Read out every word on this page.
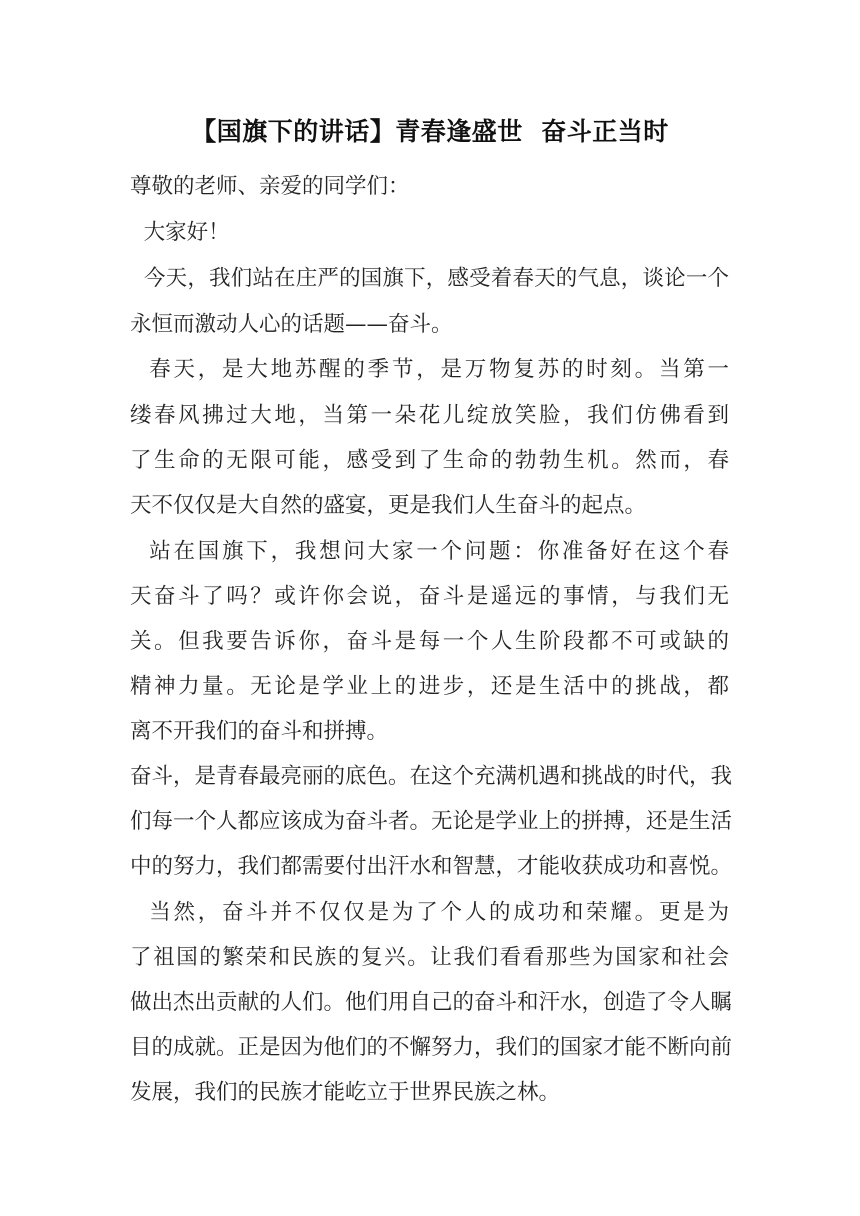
【国旗下的讲话】青春逢盛世  奋斗正当时
尊敬的老师、亲爱的同学们：
大家好！
今天，我们站在庄严的国旗下，感受着春天的气息，谈论一个
永恒而激动人心的话题——奋斗。
春天，是大地苏醒的季节，是万物复苏的时刻。当第一
缕春风拂过大地，当第一朵花儿绽放笑脸，我们仿佛看到
了生命的无限可能，感受到了生命的勃勃生机。然而，春
天不仅仅是大自然的盛宴，更是我们人生奋斗的起点。
站在国旗下，我想问大家一个问题：你准备好在这个春
天奋斗了吗？或许你会说，奋斗是遥远的事情，与我们无
关。但我要告诉你，奋斗是每一个人生阶段都不可或缺的
精神力量。无论是学业上的进步，还是生活中的挑战，都
离不开我们的奋斗和拼搏。
奋斗，是青春最亮丽的底色。在这个充满机遇和挑战的时代，我
们每一个人都应该成为奋斗者。无论是学业上的拼搏，还是生活
中的努力，我们都需要付出汗水和智慧，才能收获成功和喜悦。
当然，奋斗并不仅仅是为了个人的成功和荣耀。更是为
了祖国的繁荣和民族的复兴。让我们看看那些为国家和社会
做出杰出贡献的人们。他们用自己的奋斗和汗水，创造了令人瞩
目的成就。正是因为他们的不懈努力，我们的国家才能不断向前
发展，我们的民族才能屹立于世界民族之林。
